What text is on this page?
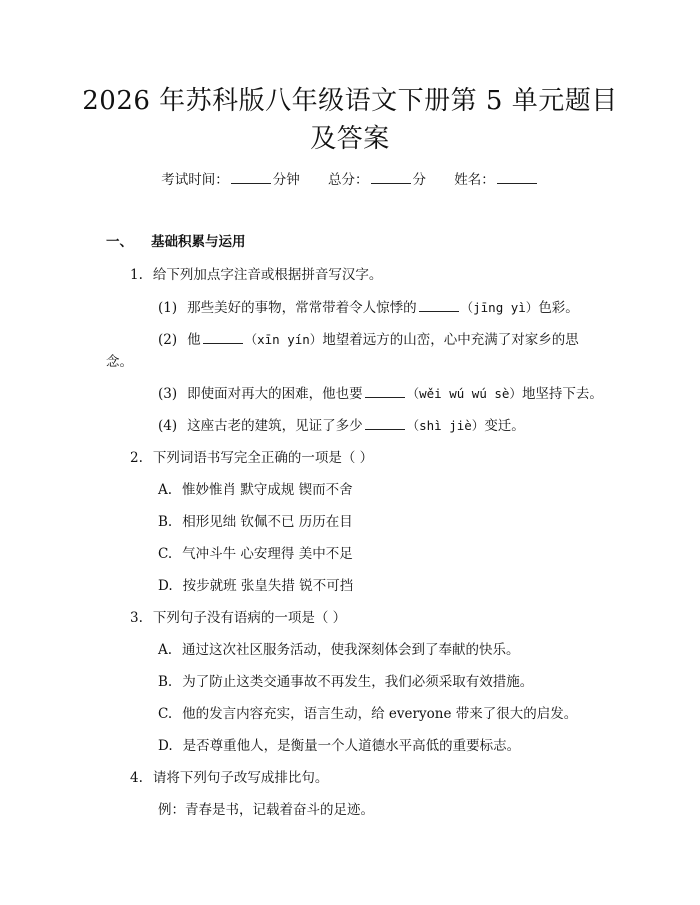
2026 年苏科版八年级语文下册第 5 单元题目
及答案
考试时间：	分钟 总分：	分 姓名：
一、 基础积累与运用
1. 给下列加点字注音或根据拼音写汉字。
(1) 那些美好的事物，常常带着令人惊悸的	（jīng yì）色彩。
(2) 他	（xīn yín）地望着远方的山峦，心中充满了对家乡的思
念。
(3) 即使面对再大的困难，他也要	（wěi wú wú sè）地坚持下去。
(4) 这座古老的建筑，见证了多少	（shì jiè）变迁。
2. 下列词语书写完全正确的一项是（ ）
A. 惟妙惟肖 默守成规 锲而不舍
B. 相形见绌 钦佩不已 历历在目
C. 气冲斗牛 心安理得 美中不足
D. 按步就班 张皇失措 锐不可挡
3. 下列句子没有语病的一项是（ ）
A. 通过这次社区服务活动，使我深刻体会到了奉献的快乐。
B. 为了防止这类交通事故不再发生，我们必须采取有效措施。
C. 他的发言内容充实，语言生动，给 everyone 带来了很大的启发。
D. 是否尊重他人，是衡量一个人道德水平高低的重要标志。
4. 请将下列句子改写成排比句。
例：青春是书，记载着奋斗的足迹。
